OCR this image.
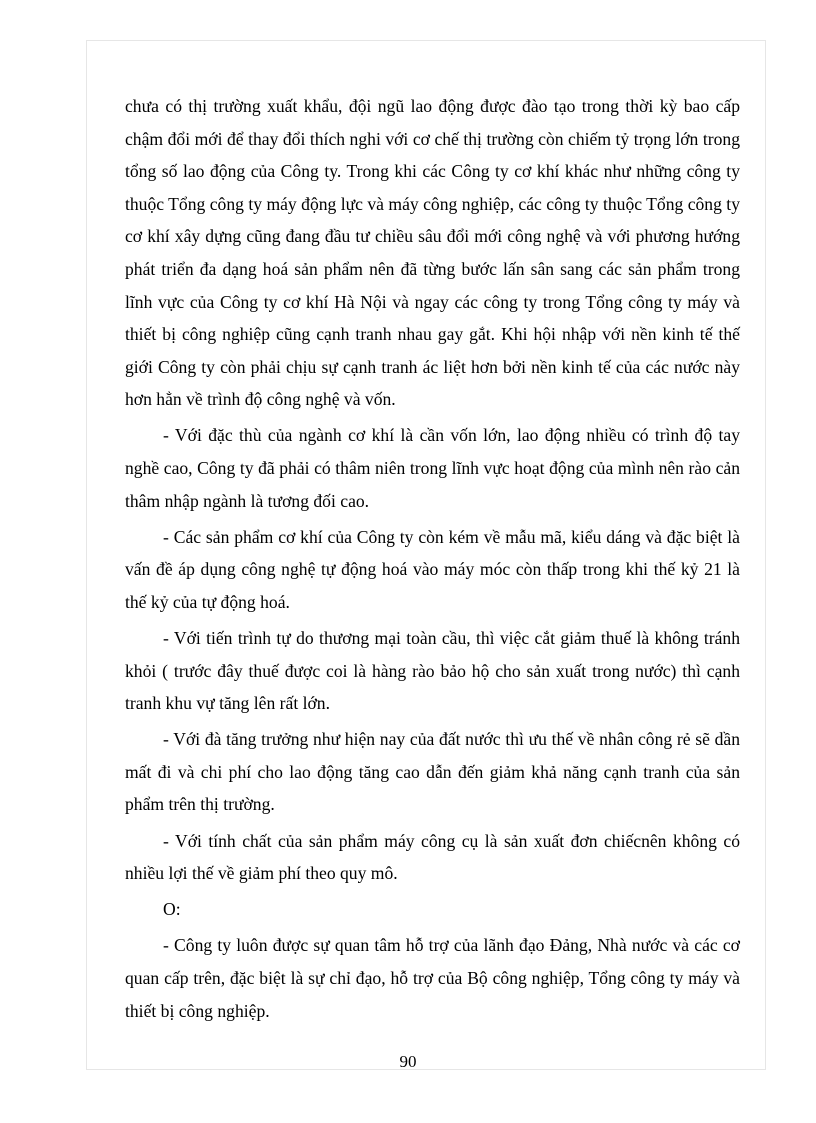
chưa có thị trường xuất khẩu, đội ngũ lao động được đào tạo trong thời kỳ bao cấp chậm đổi mới để thay đổi thích nghi với cơ chế thị trường còn chiếm tỷ trọng lớn trong tổng số lao động của Công ty. Trong khi các Công ty cơ khí khác như những công ty thuộc Tổng công ty máy động lực và máy công nghiệp, các công ty thuộc Tổng công ty cơ khí xây dựng cũng đang đầu tư chiều sâu đổi mới công nghệ và với phương hướng phát triển đa dạng hoá sản phẩm nên đã từng bước lấn sân sang các sản phẩm trong lĩnh vực của Công ty cơ khí Hà Nội và ngay các công ty trong Tổng công ty máy và thiết bị công nghiệp cũng cạnh tranh nhau gay gắt. Khi hội nhập với nền kinh tế thế giới Công ty còn phải chịu sự cạnh tranh ác liệt hơn bởi nền kinh tế của các nước này hơn hẳn về trình độ công nghệ và vốn.

- Với đặc thù của ngành cơ khí là cần vốn lớn, lao động nhiều có trình độ tay nghề cao, Công ty đã phải có thâm niên trong lĩnh vực hoạt động của mình nên rào cản thâm nhập ngành là tương đối cao.

- Các sản phẩm cơ khí của Công ty còn kém về mẫu mã, kiểu dáng và đặc biệt là vấn đề áp dụng công nghệ tự động hoá vào máy móc còn thấp trong khi thế kỷ 21 là thế kỷ của tự động hoá.

- Với tiến trình tự do thương mại toàn cầu, thì việc cắt giảm thuế là không tránh khỏi ( trước đây thuế được coi là hàng rào bảo hộ cho sản xuất trong nước) thì cạnh tranh khu vự tăng lên rất lớn.

- Với đà tăng trưởng như hiện nay của đất nước thì ưu thế về nhân công rẻ sẽ dần mất đi và chi phí cho lao động tăng cao dẫn đến giảm khả năng cạnh tranh của sản phẩm trên thị trường.

- Với tính chất của sản phẩm máy công cụ là sản xuất đơn chiếcnên không có nhiều lợi thế về giảm phí theo quy mô.

O:

- Công ty luôn được sự quan tâm hỗ trợ của lãnh đạo Đảng, Nhà nước và các cơ quan cấp trên, đặc biệt là sự chỉ đạo, hỗ trợ của Bộ công nghiệp, Tổng công ty máy và thiết bị công nghiệp.

90
